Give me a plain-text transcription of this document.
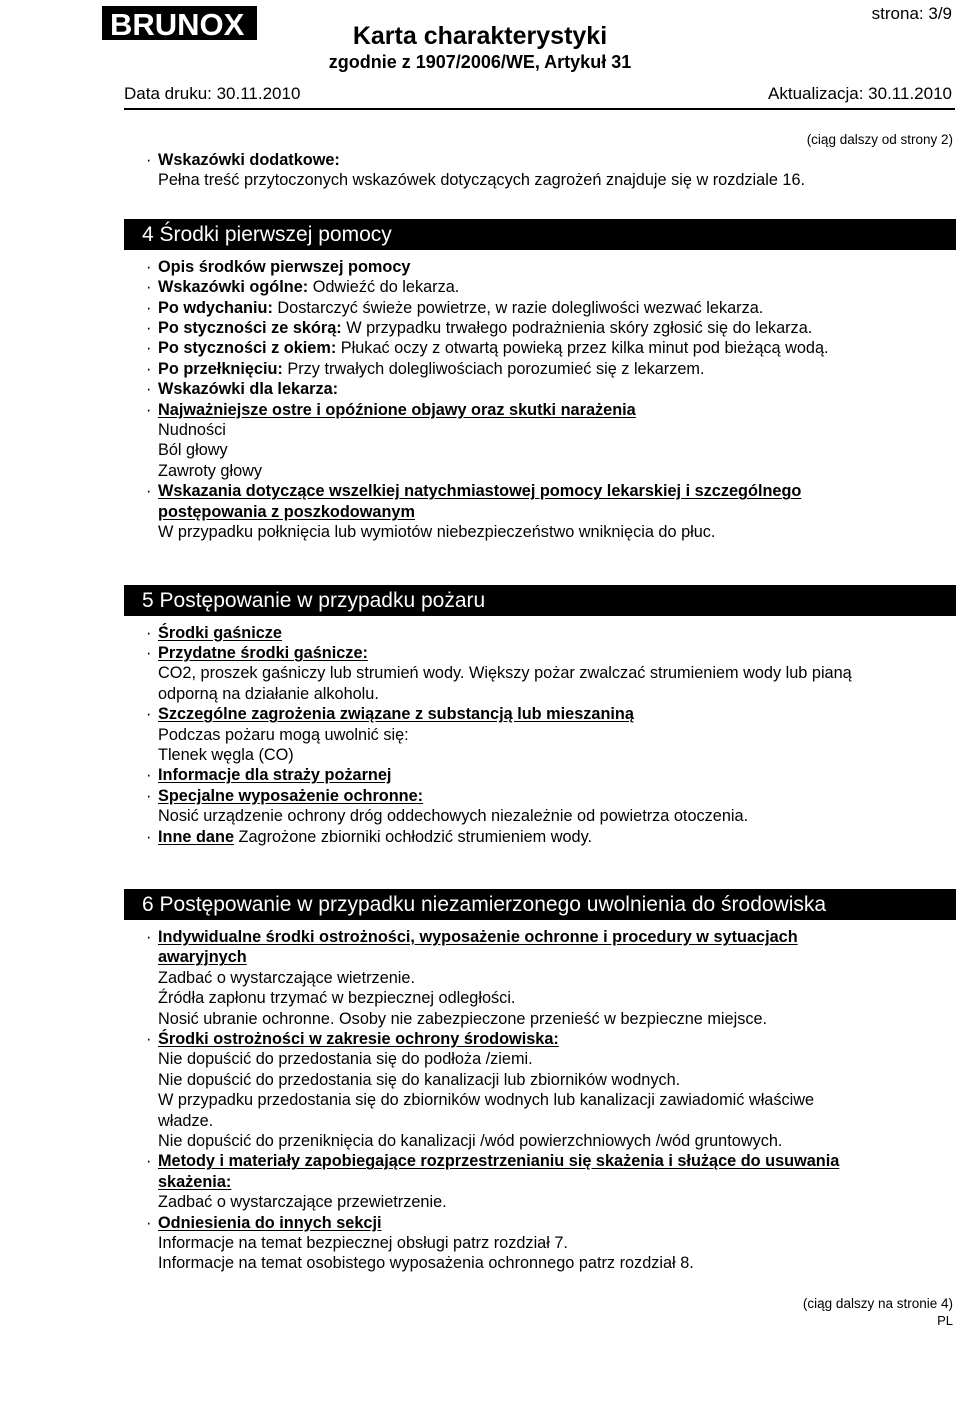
BRUNOX	strona: 3/9
Karta charakterystyki
zgodnie z 1907/2006/WE, Artykuł 31
Data druku: 30.11.2010	Aktualizacja: 30.11.2010
(ciąg dalszy od strony 2)

· Wskazówki dodatkowe:

Pełna treść przytoczonych wskazówek dotyczących zagrożeń znajduje się w rozdziale 16.

4 Środki pierwszej pomocy

· Opis środków pierwszej pomocy

· Wskazówki ogólne: Odwieźć do lekarza.

· Po wdychaniu: Dostarczyć świeże powietrze, w razie dolegliwości wezwać lekarza.

· Po styczności ze skórą: W przypadku trwałego podrażnienia skóry zgłosić się do lekarza.

· Po styczności z okiem: Płukać oczy z otwartą powieką przez kilka minut pod bieżącą wodą.

· Po przełknięciu: Przy trwałych dolegliwościach porozumieć się z lekarzem.

· Wskazówki dla lekarza:

· Najważniejsze ostre i opóźnione objawy oraz skutki narażenia

Nudności

Ból głowy

Zawroty głowy

· Wskazania dotyczące wszelkiej natychmiastowej pomocy lekarskiej i szczególnego

postępowania z poszkodowanym

W przypadku połknięcia lub wymiotów niebezpieczeństwo wniknięcia do płuc.

5 Postępowanie w przypadku pożaru

· Środki gaśnicze

· Przydatne środki gaśnicze:

CO2, proszek gaśniczy lub strumień wody. Większy pożar zwalczać strumieniem wody lub pianą

odporną na działanie alkoholu.

· Szczególne zagrożenia związane z substancją lub mieszaniną

Podczas pożaru mogą uwolnić się:

Tlenek węgla (CO)

· Informacje dla straży pożarnej

· Specjalne wyposażenie ochronne:

Nosić urządzenie ochrony dróg oddechowych niezależnie od powietrza otoczenia.

· Inne dane Zagrożone zbiorniki ochłodzić strumieniem wody.

6 Postępowanie w przypadku niezamierzonego uwolnienia do środowiska

· Indywidualne środki ostrożności, wyposażenie ochronne i procedury w sytuacjach

awaryjnych

Zadbać o wystarczające wietrzenie.

Źródła zapłonu trzymać w bezpiecznej odległości.

Nosić ubranie ochronne. Osoby nie zabezpieczone przenieść w bezpieczne miejsce.

· Środki ostrożności w zakresie ochrony środowiska:

Nie dopuścić do przedostania się do podłoża /ziemi.

Nie dopuścić do przedostania się do kanalizacji lub zbiorników wodnych.

W przypadku przedostania się do zbiorników wodnych lub kanalizacji zawiadomić właściwe

władze.

Nie dopuścić do przeniknięcia do kanalizacji /wód powierzchniowych /wód gruntowych.

· Metody i materiały zapobiegające rozprzestrzenianiu się skażenia i służące do usuwania

skażenia:

Zadbać o wystarczające przewietrzenie.

· Odniesienia do innych sekcji

Informacje na temat bezpiecznej obsługi patrz rozdział 7.

Informacje na temat osobistego wyposażenia ochronnego patrz rozdział 8.

(ciąg dalszy na stronie 4)
PL
